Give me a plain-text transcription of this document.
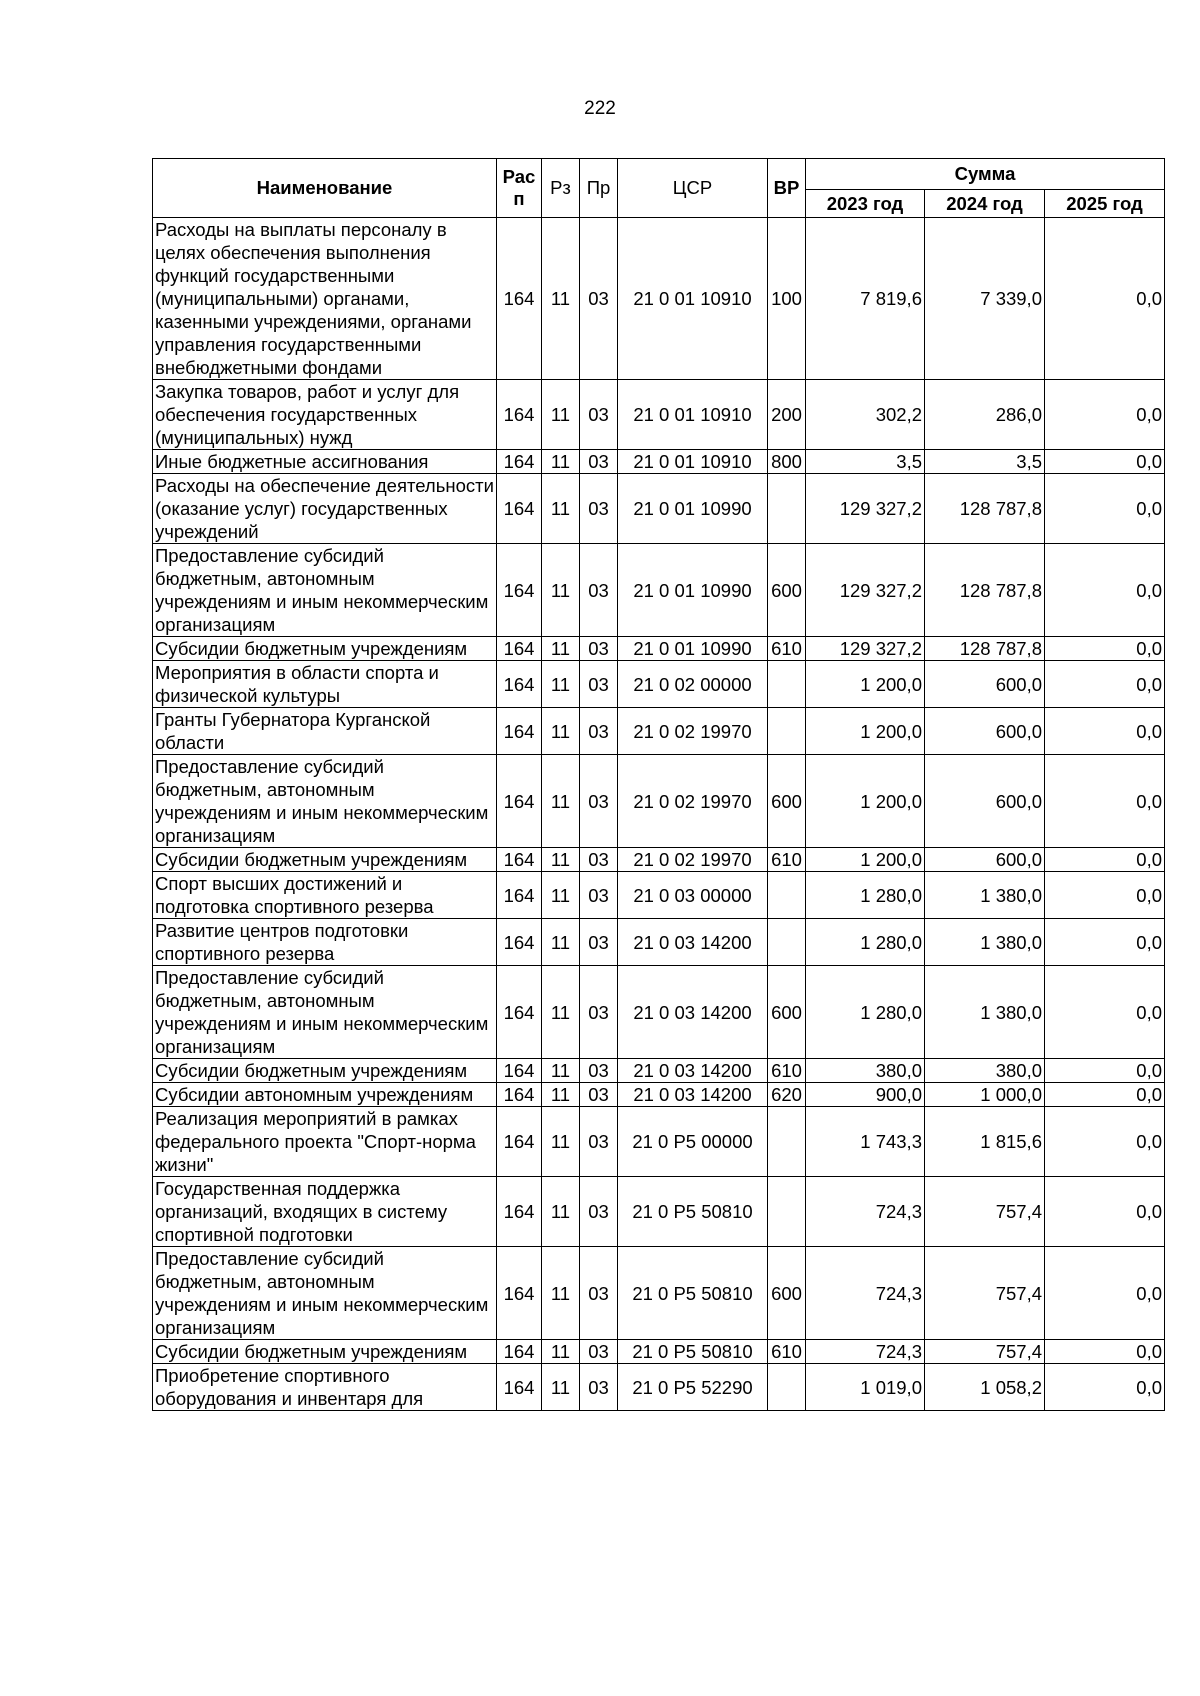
222
Наименование	Рас п	Рз	Пр	ЦСР	ВР	Сумма		
						2023 год	2024 год	2025 год
Расходы на выплаты персоналу в целях обеспечения выполнения функций государственными (муниципальными) органами, казенными учреждениями, органами управления государственными внебюджетными фондами	164	11	03	21 0 01 10910	100	7 819,6	7 339,0	0,0
Закупка товаров, работ и услуг для обеспечения государственных (муниципальных) нужд	164	11	03	21 0 01 10910	200	302,2	286,0	0,0
Иные бюджетные ассигнования	164	11	03	21 0 01 10910	800	3,5	3,5	0,0
Расходы на обеспечение деятельности (оказание услуг) государственных учреждений	164	11	03	21 0 01 10990		129 327,2	128 787,8	0,0
Предоставление субсидий бюджетным, автономным учреждениям и иным некоммерческим организациям	164	11	03	21 0 01 10990	600	129 327,2	128 787,8	0,0
Субсидии бюджетным учреждениям	164	11	03	21 0 01 10990	610	129 327,2	128 787,8	0,0
Мероприятия в области спорта и физической культуры	164	11	03	21 0 02 00000		1 200,0	600,0	0,0
Гранты Губернатора Курганской области	164	11	03	21 0 02 19970		1 200,0	600,0	0,0
Предоставление субсидий бюджетным, автономным учреждениям и иным некоммерческим организациям	164	11	03	21 0 02 19970	600	1 200,0	600,0	0,0
Субсидии бюджетным учреждениям	164	11	03	21 0 02 19970	610	1 200,0	600,0	0,0
Спорт высших достижений и подготовка спортивного резерва	164	11	03	21 0 03 00000		1 280,0	1 380,0	0,0
Развитие центров подготовки спортивного резерва	164	11	03	21 0 03 14200		1 280,0	1 380,0	0,0
Предоставление субсидий бюджетным, автономным учреждениям и иным некоммерческим организациям	164	11	03	21 0 03 14200	600	1 280,0	1 380,0	0,0
Субсидии бюджетным учреждениям	164	11	03	21 0 03 14200	610	380,0	380,0	0,0
Субсидии автономным учреждениям	164	11	03	21 0 03 14200	620	900,0	1 000,0	0,0
Реализация мероприятий в рамках федерального проекта "Спорт-норма жизни"	164	11	03	21 0 P5 00000		1 743,3	1 815,6	0,0
Государственная поддержка организаций, входящих в систему спортивной подготовки	164	11	03	21 0 P5 50810		724,3	757,4	0,0
Предоставление субсидий бюджетным, автономным учреждениям и иным некоммерческим организациям	164	11	03	21 0 P5 50810	600	724,3	757,4	0,0
Субсидии бюджетным учреждениям	164	11	03	21 0 P5 50810	610	724,3	757,4	0,0
Приобретение спортивного оборудования и инвентаря для	164	11	03	21 0 P5 52290		1 019,0	1 058,2	0,0
